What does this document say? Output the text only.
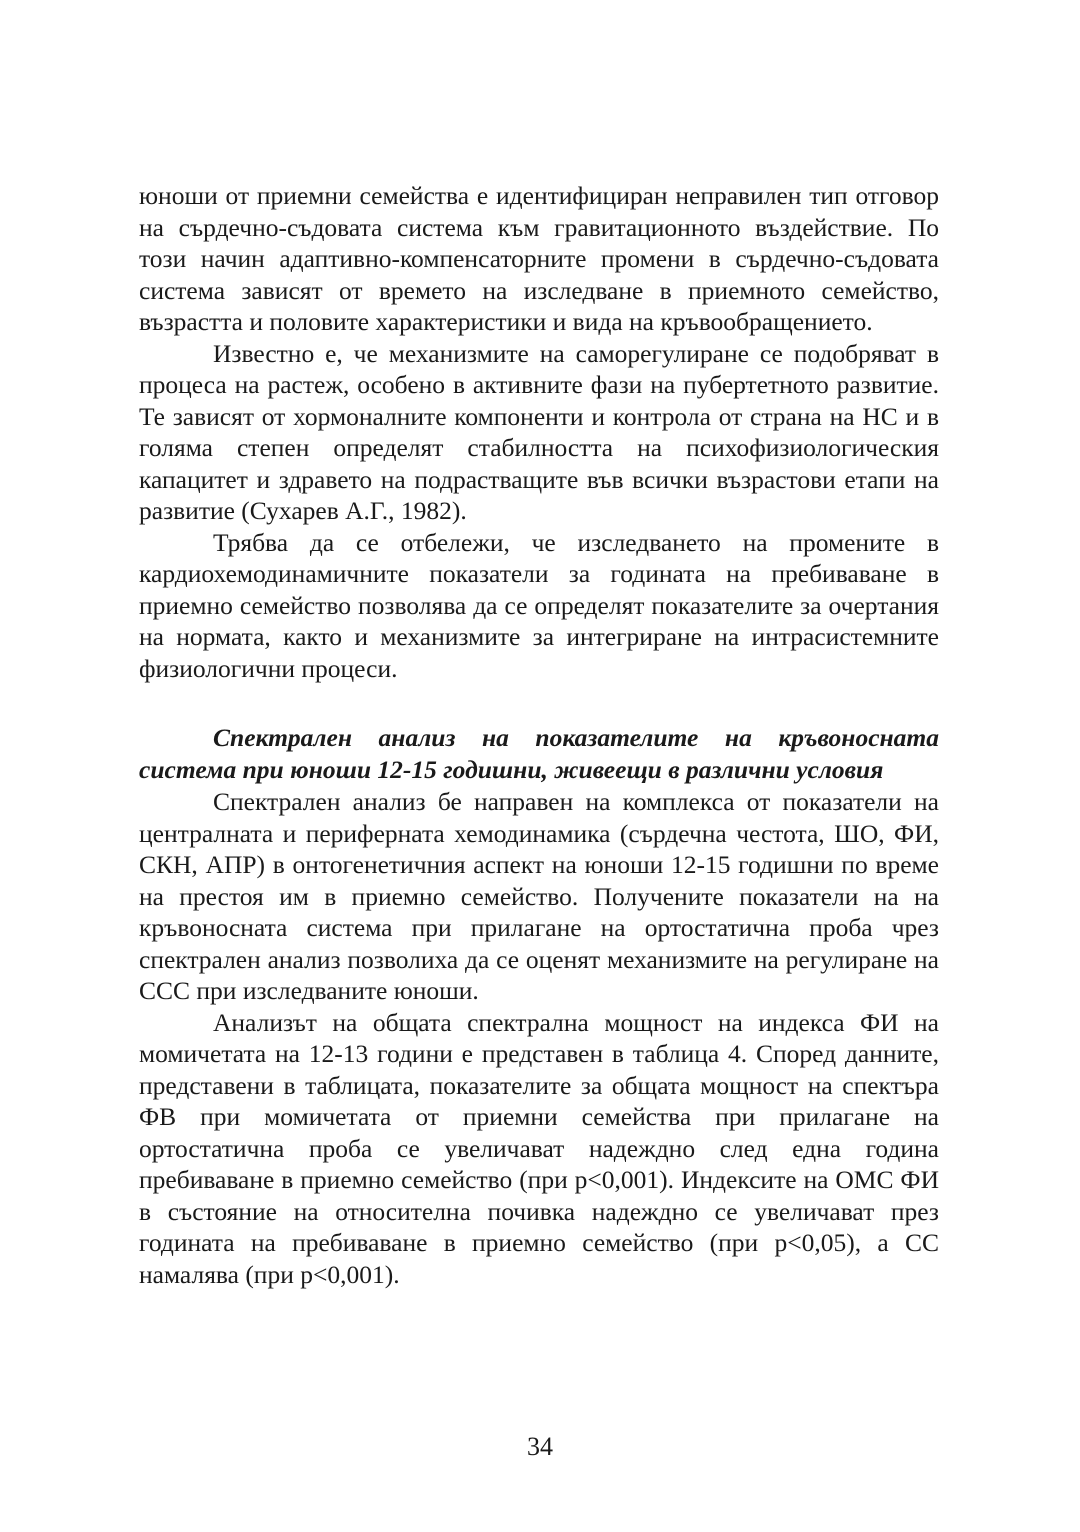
юноши от приемни семейства е идентифициран неправилен тип отговор на сърдечно-съдовата система към гравитационното въздействие. По този начин адаптивно-компенсаторните промени в сърдечно-съдовата система зависят от времето на изследване в приемното семейство, възрастта и половите характеристики и вида на кръвообращението.

Известно е, че механизмите на саморегулиране се подобряват в процеса на растеж, особено в активните фази на пубертетното развитие. Те зависят от хормоналните компоненти и контрола от страна на НС и в голяма степен определят стабилността на психофизиологическия капацитет и здравето на подрастващите във всички възрастови етапи на развитие (Сухарев А.Г., 1982).

Трябва да се отбележи, че изследването на промените в кардиохемодинамичните показатели за годината на пребиваване в приемно семейство позволява да се определят показателите за очертания на нормата, както и механизмите за интегриране на интрасистемните физиологични процеси.

Спектрален анализ на показателите на кръвоносната система при юноши 12-15 годишни, живеещи в различни условия

Спектрален анализ бе направен на комплекса от показатели на централната и периферната хемодинамика (сърдечна честота, ШО, ФИ, СКН, АПР) в онтогенетичния аспект на юноши 12-15 годишни по време на престоя им в приемно семейство. Получените показатели на на кръвоносната система при прилагане на ортостатична проба чрез спектрален анализ позволиха да се оценят механизмите на регулиране на ССС при изследваните юноши.

Анализът на общата спектрална мощност на индекса ФИ на момичетата на 12-13 години е представен в таблица 4. Според данните, представени в таблицата, показателите за общата мощност на спектъра ФВ при момичетата от приемни семейства при прилагане на ортостатична проба се увеличават надеждно след една година пребиваване в приемно семейство (при р<0,001). Индексите на ОМС ФИ в състояние на относителна почивка надеждно се увеличават през годината на пребиваване в приемно семейство (при р<0,05), а СС намалява (при р<0,001).

34
